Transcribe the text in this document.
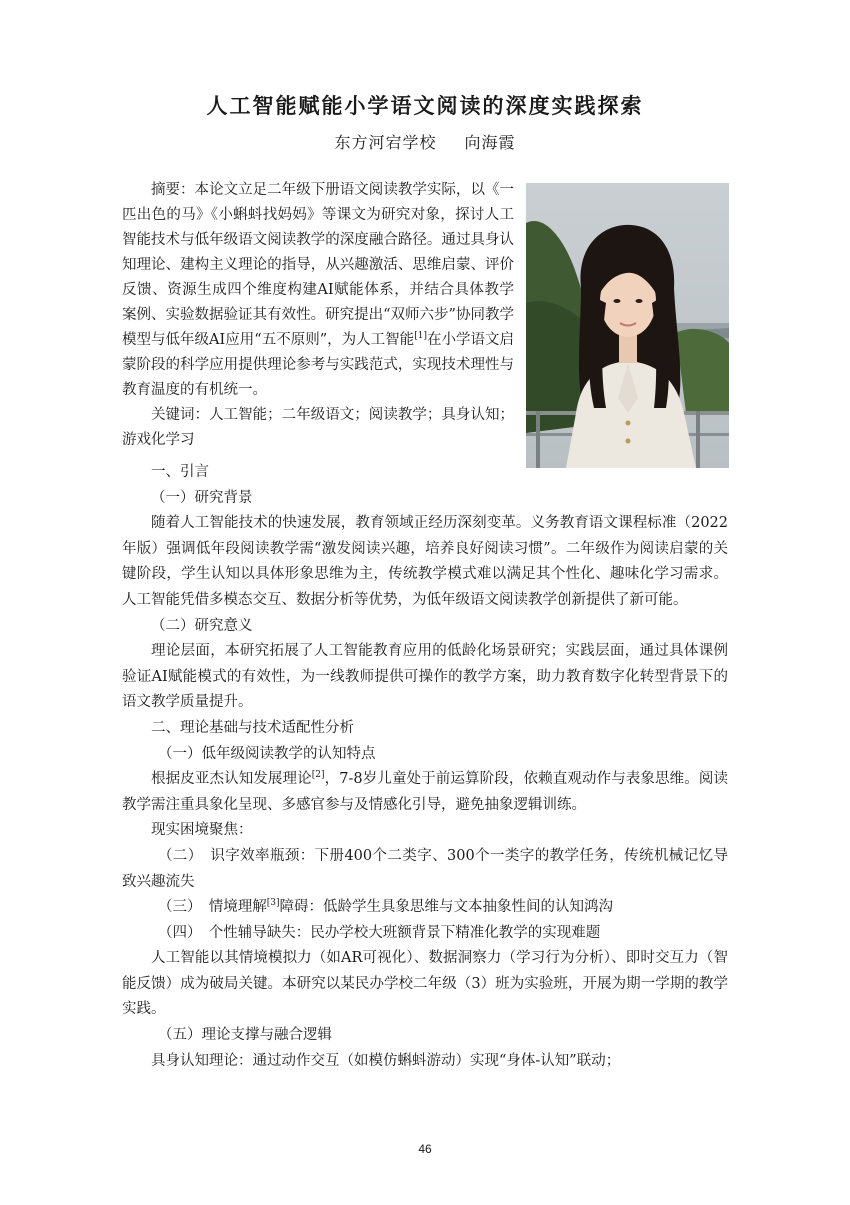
人工智能赋能小学语文阅读的深度实践探索
东方河宕学校 向海霞

摘要：本论文立足二年级下册语文阅读教学实际，以《一匹出色的马》《小蝌蚪找妈妈》等课文为研究对象，探讨人工智能技术与低年级语文阅读教学的深度融合路径。通过具身认知理论、建构主义理论的指导，从兴趣激活、思维启蒙、评价反馈、资源生成四个维度构建AI赋能体系，并结合具体教学案例、实验数据验证其有效性。研究提出“双师六步”协同教学模型与低年级AI应用“五不原则”，为人工智能[1]在小学语文启蒙阶段的科学应用提供理论参考与实践范式，实现技术理性与教育温度的有机统一。

关键词：人工智能；二年级语文；阅读教学；具身认知；游戏化学习

一、引言

（一）研究背景

随着人工智能技术的快速发展，教育领域正经历深刻变革。义务教育语文课程标准（2022年版）强调低年段阅读教学需“激发阅读兴趣，培养良好阅读习惯”。二年级作为阅读启蒙的关键阶段，学生认知以具体形象思维为主，传统教学模式难以满足其个性化、趣味化学习需求。人工智能凭借多模态交互、数据分析等优势，为低年级语文阅读教学创新提供了新可能。

（二）研究意义

理论层面，本研究拓展了人工智能教育应用的低龄化场景研究；实践层面，通过具体课例验证AI赋能模式的有效性，为一线教师提供可操作的教学方案，助力教育数字化转型背景下的语文教学质量提升。

二、理论基础与技术适配性分析

（一）低年级阅读教学的认知特点

根据皮亚杰认知发展理论[2]，7-8岁儿童处于前运算阶段，依赖直观动作与表象思维。阅读教学需注重具象化呈现、多感官参与及情感化引导，避免抽象逻辑训练。

现实困境聚焦：

（二）　识字效率瓶颈：下册400个二类字、300个一类字的教学任务，传统机械记忆导致兴趣流失

（三）　情境理解[3]障碍：低龄学生具象思维与文本抽象性间的认知鸿沟

（四）　个性辅导缺失：民办学校大班额背景下精准化教学的实现难题

人工智能以其情境模拟力（如AR可视化）、数据洞察力（学习行为分析）、即时交互力（智能反馈）成为破局关键。本研究以某民办学校二年级（3）班为实验班，开展为期一学期的教学实践。

（五）理论支撑与融合逻辑

具身认知理论：通过动作交互（如模仿蝌蚪游动）实现“身体-认知”联动；

46
